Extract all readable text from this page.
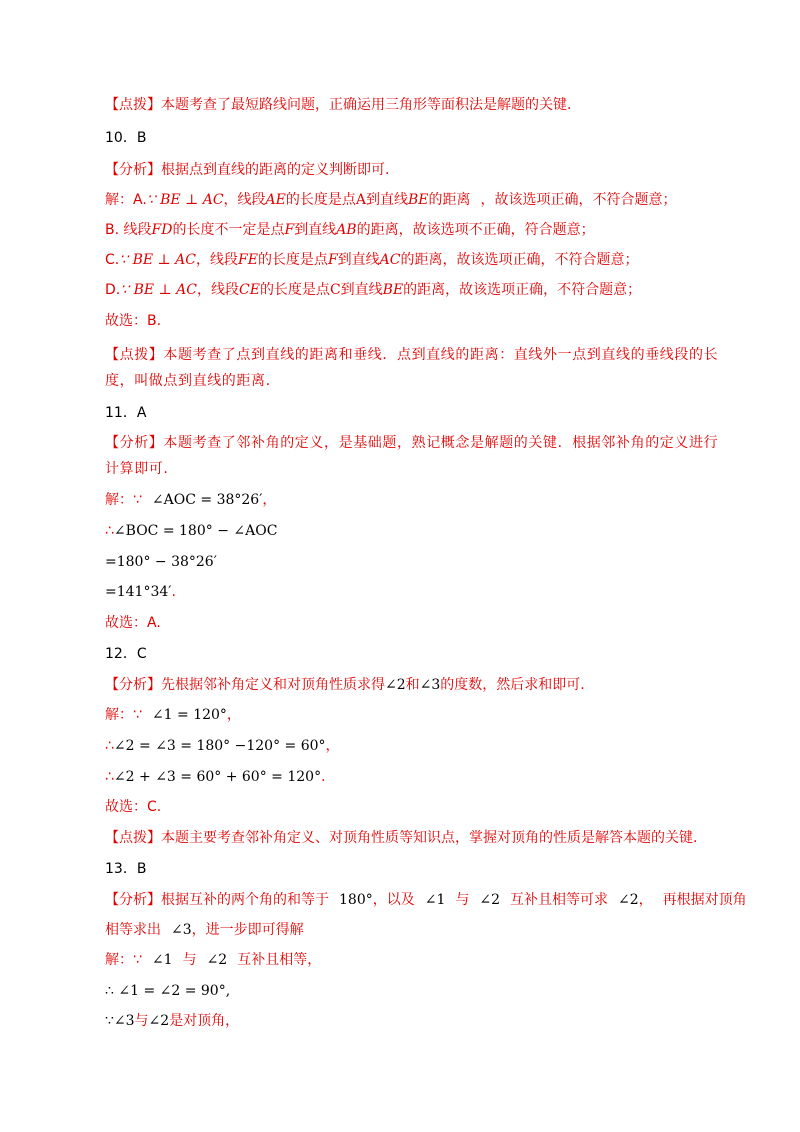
【点拨】本题考查了最短路线问题，正确运用三角形等面积法是解题的关键.
10．B
【分析】根据点到直线的距离的定义判断即可.
解：A.∵ BE ⊥ AC，线段AE的长度是点A到直线BE的距离 ，故该选项正确，不符合题意；
B. 线段FD的长度不一定是点F到直线AB的距离，故该选项不正确，符合题意；
C.∵ BE ⊥ AC，线段FE的长度是点F到直线AC的距离，故该选项正确，不符合题意；
D.∵ BE ⊥ AC，线段CE的长度是点C到直线BE的距离，故该选项正确，不符合题意；
故选：B.
【点拨】本题考查了点到直线的距离和垂线．点到直线的距离：直线外一点到直线的垂线段的长度，叫做点到直线的距离.
11．A
【分析】本题考查了邻补角的定义，是基础题，熟记概念是解题的关键．根据邻补角的定义进行计算即可.
解：∵ ∠AOC = 38°26′，
∴∠BOC = 180° − ∠AOC
=180° − 38°26′
=141°34′.
故选：A.
12．C
【分析】先根据邻补角定义和对顶角性质求得∠2和∠3的度数，然后求和即可.
解：∵ ∠1 = 120°，
∴∠2 = ∠3 = 180° −120° = 60°，
∴∠2 + ∠3 = 60° + 60° = 120°.
故选：C.
【点拨】本题主要考查邻补角定义、对顶角性质等知识点，掌握对顶角的性质是解答本题的关键.
13．B
【分析】根据互补的两个角的和等于 180°，以及 ∠1 与 ∠2 互补且相等可求 ∠2， 再根据对顶角
相等求出 ∠3，进一步即可得解
解：∵ ∠1 与 ∠2 互补且相等，
∴ ∠1 = ∠2 = 90°,
∵∠3与∠2是对顶角，
